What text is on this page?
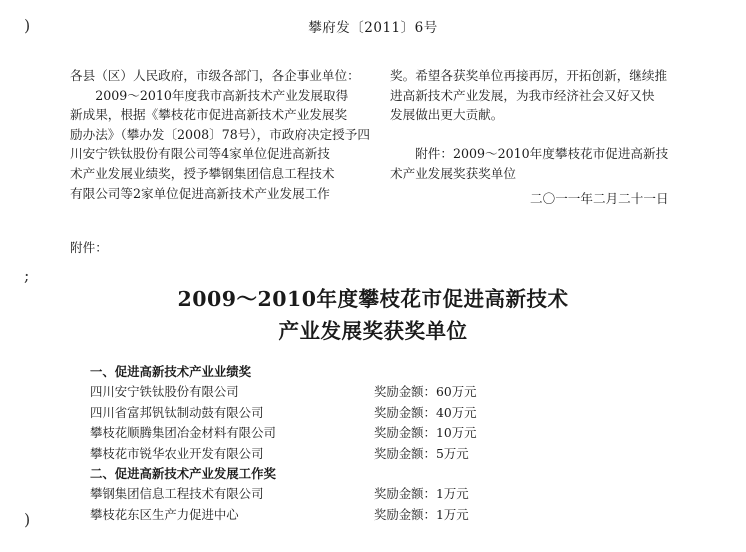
)
;
)
攀府发〔2011〕6号
各县（区）人民政府，市级各部门，各企事业单位：
　　2009～2010年度我市高新技术产业发展取得
新成果，根据《攀枝花市促进高新技术产业发展奖
励办法》（攀办发〔2008〕78号），市政府决定授予四
川安宁铁钛股份有限公司等4家单位促进高新技
术产业发展业绩奖，授予攀钢集团信息工程技术
有限公司等2家单位促进高新技术产业发展工作
奖。希望各获奖单位再接再厉，开拓创新，继续推
进高新技术产业发展，为我市经济社会又好又快
发展做出更大贡献。

　　附件：2009～2010年度攀枝花市促进高新技
术产业发展奖获奖单位
二〇一一年二月二十一日
附件：
2009～2010年度攀枝花市促进高新技术
产业发展奖获奖单位
一、促进高新技术产业业绩奖
四川安宁铁钛股份有限公司	奖励金额：60万元
四川省富邦钒钛制动鼓有限公司	奖励金额：40万元
攀枝花顺腾集团冶金材料有限公司	奖励金额：10万元
攀枝花市锐华农业开发有限公司	奖励金额：5万元
二、促进高新技术产业发展工作奖
攀钢集团信息工程技术有限公司	奖励金额：1万元
攀枝花东区生产力促进中心	奖励金额：1万元
